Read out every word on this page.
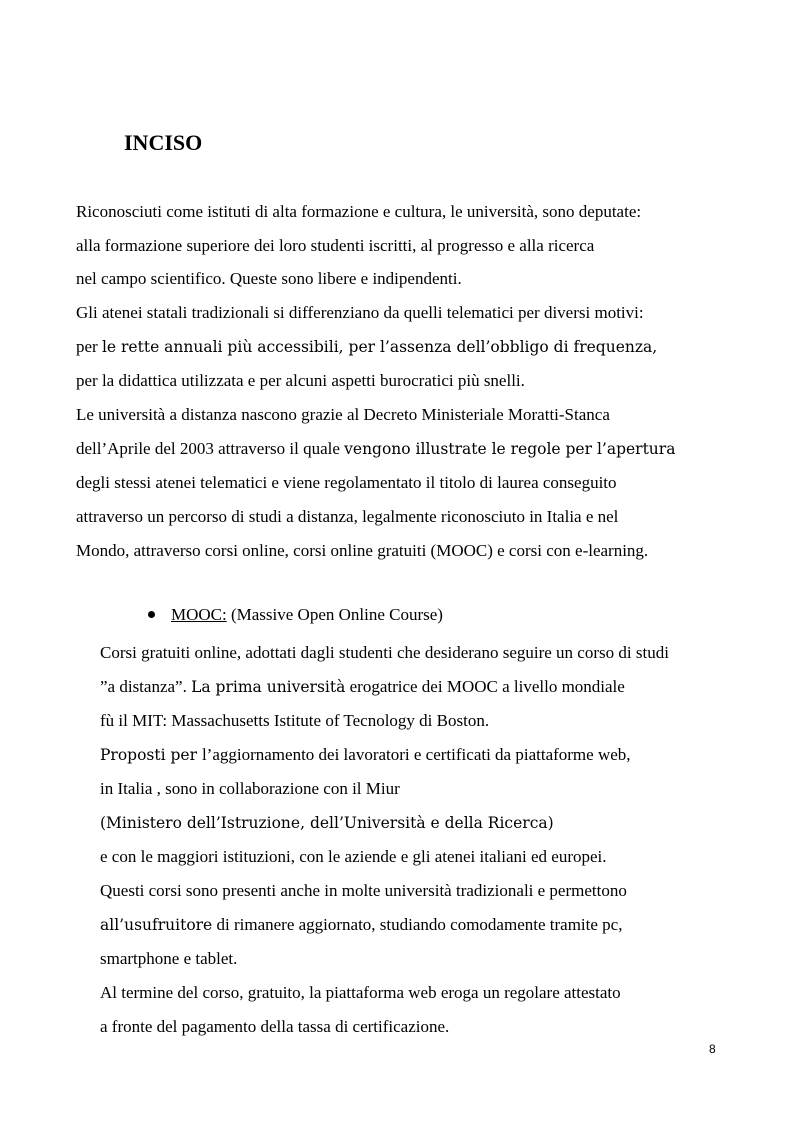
INCISO
Riconosciuti come istituti di alta formazione e cultura, le università, sono deputate:
alla formazione superiore dei loro studenti iscritti, al progresso e alla ricerca
nel campo scientifico. Queste sono libere e indipendenti.
Gli atenei statali tradizionali si differenziano da quelli telematici per diversi motivi:
per le rette annuali più accessibili, per l’assenza dell’obbligo di frequenza,
per la didattica utilizzata e per alcuni aspetti burocratici più snelli.
Le università a distanza nascono grazie al Decreto Ministeriale Moratti-Stanca
dell’Aprile del 2003 attraverso il quale vengono illustrate le regole per l’apertura
degli stessi atenei telematici e viene regolamentato il titolo di laurea conseguito
attraverso un percorso di studi a distanza, legalmente riconosciuto in Italia e nel
Mondo, attraverso corsi online, corsi online gratuiti (MOOC) e corsi con e-learning.
MOOC: (Massive Open Online Course)
Corsi gratuiti online, adottati dagli studenti che desiderano seguire un corso di studi
”a distanza”. La prima università erogatrice dei MOOC a livello mondiale
fù il MIT: Massachusetts Istitute of Tecnology di Boston.
Proposti per l’aggiornamento dei lavoratori e certificati da piattaforme web,
in Italia , sono in collaborazione con il Miur
(Ministero dell’Istruzione, dell’Università e della Ricerca)
e con le maggiori istituzioni, con le aziende e gli atenei italiani ed europei.
Questi corsi sono presenti anche in molte università tradizionali e permettono
all’usufruitore di rimanere aggiornato, studiando comodamente tramite pc,
smartphone e tablet.
Al termine del corso, gratuito, la piattaforma web eroga un regolare attestato
a fronte del pagamento della tassa di certificazione.
8
